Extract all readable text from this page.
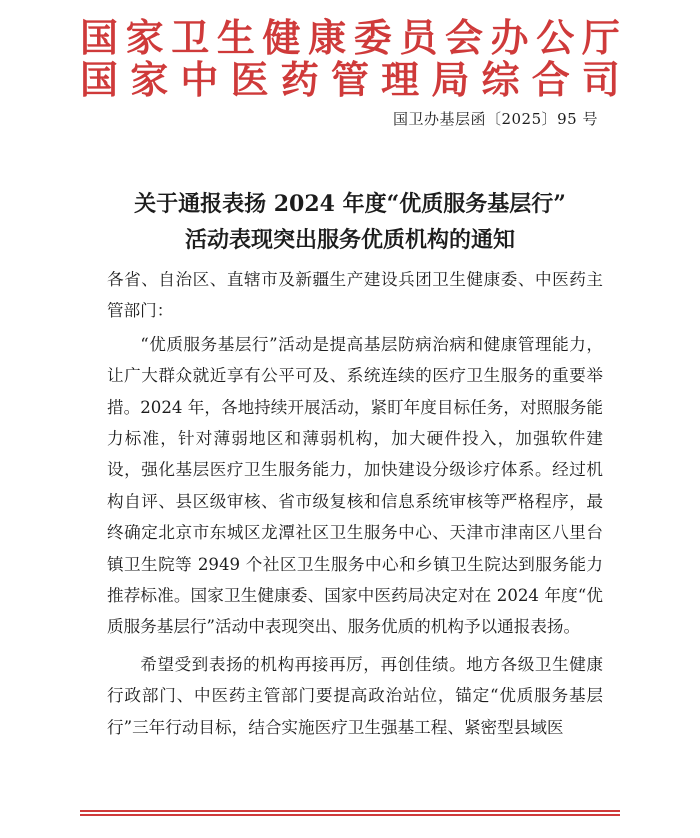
国 家 卫 生 健 康 委 员 会 办 公 厅
国 家 中 医 药 管 理 局 综 合 司
国卫办基层函〔2025〕95 号
关于通报表扬 2024 年度“优质服务基层行”
活动表现突出服务优质机构的通知

各省、自治区、直辖市及新疆生产建设兵团卫生健康委、中医药主管部门：

“优质服务基层行”活动是提高基层防病治病和健康管理能力，让广大群众就近享有公平可及、系统连续的医疗卫生服务的重要举措。2024 年，各地持续开展活动，紧盯年度目标任务，对照服务能力标准，针对薄弱地区和薄弱机构，加大硬件投入，加强软件建设，强化基层医疗卫生服务能力，加快建设分级诊疗体系。经过机构自评、县区级审核、省市级复核和信息系统审核等严格程序，最终确定北京市东城区龙潭社区卫生服务中心、天津市津南区八里台镇卫生院等 2949 个社区卫生服务中心和乡镇卫生院达到服务能力推荐标准。国家卫生健康委、国家中医药局决定对在 2024 年度“优质服务基层行”活动中表现突出、服务优质的机构予以通报表扬。

希望受到表扬的机构再接再厉，再创佳绩。地方各级卫生健康行政部门、中医药主管部门要提高政治站位，锚定“优质服务基层行”三年行动目标，结合实施医疗卫生强基工程、紧密型县域医
